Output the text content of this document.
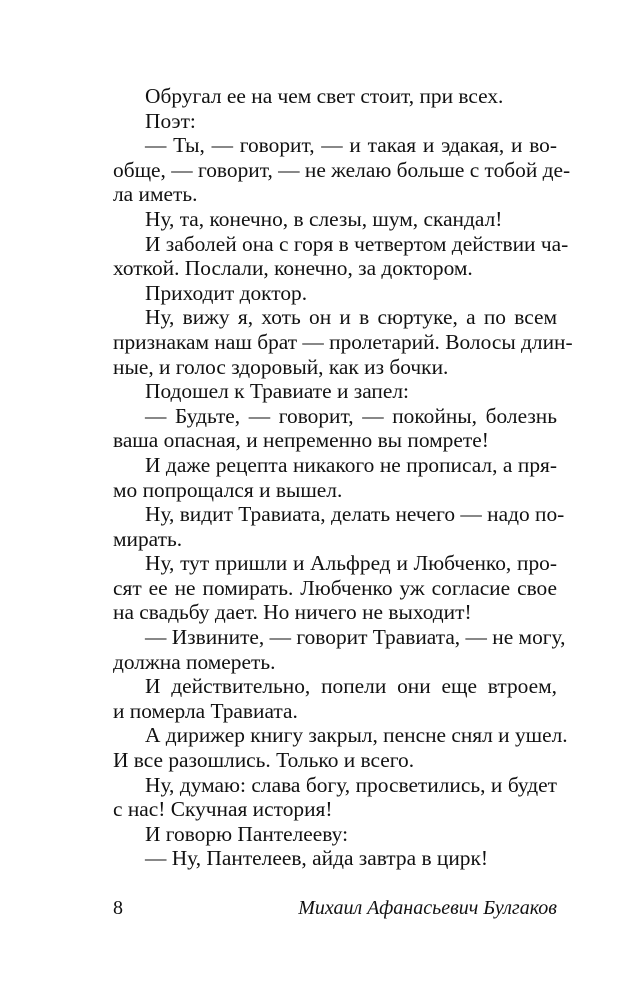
Обругал ее на чем свет стоит, при всех.
Поэт:
— Ты, — говорит, — и такая и эдакая, и во-
обще, — говорит, — не желаю больше с тобой де-
ла иметь.
Ну, та, конечно, в слезы, шум, скандал!
И заболей она с горя в четвертом действии ча-
хоткой. Послали, конечно, за доктором.
Приходит доктор.
Ну, вижу я, хоть он и в сюртуке, а по всем
признакам наш брат — пролетарий. Волосы длин-
ные, и голос здоровый, как из бочки.
Подошел к Травиате и запел:
— Будьте, — говорит, — покойны, болезнь
ваша опасная, и непременно вы помрете!
И даже рецепта никакого не прописал, а пря-
мо попрощался и вышел.
Ну, видит Травиата, делать нечего — надо по-
мирать.
Ну, тут пришли и Альфред и Любченко, про-
сят ее не помирать. Любченко уж согласие свое
на свадьбу дает. Но ничего не выходит!
— Извините, — говорит Травиата, — не могу,
должна помереть.
И действительно, попели они еще втроем,
и померла Травиата.
А дирижер книгу закрыл, пенсне снял и ушел.
И все разошлись. Только и всего.
Ну, думаю: слава богу, просветились, и будет
с нас! Скучная история!
И говорю Пантелееву:
— Ну, Пантелеев, айда завтра в цирк!
8	Михаил Афанасьевич Булгаков
